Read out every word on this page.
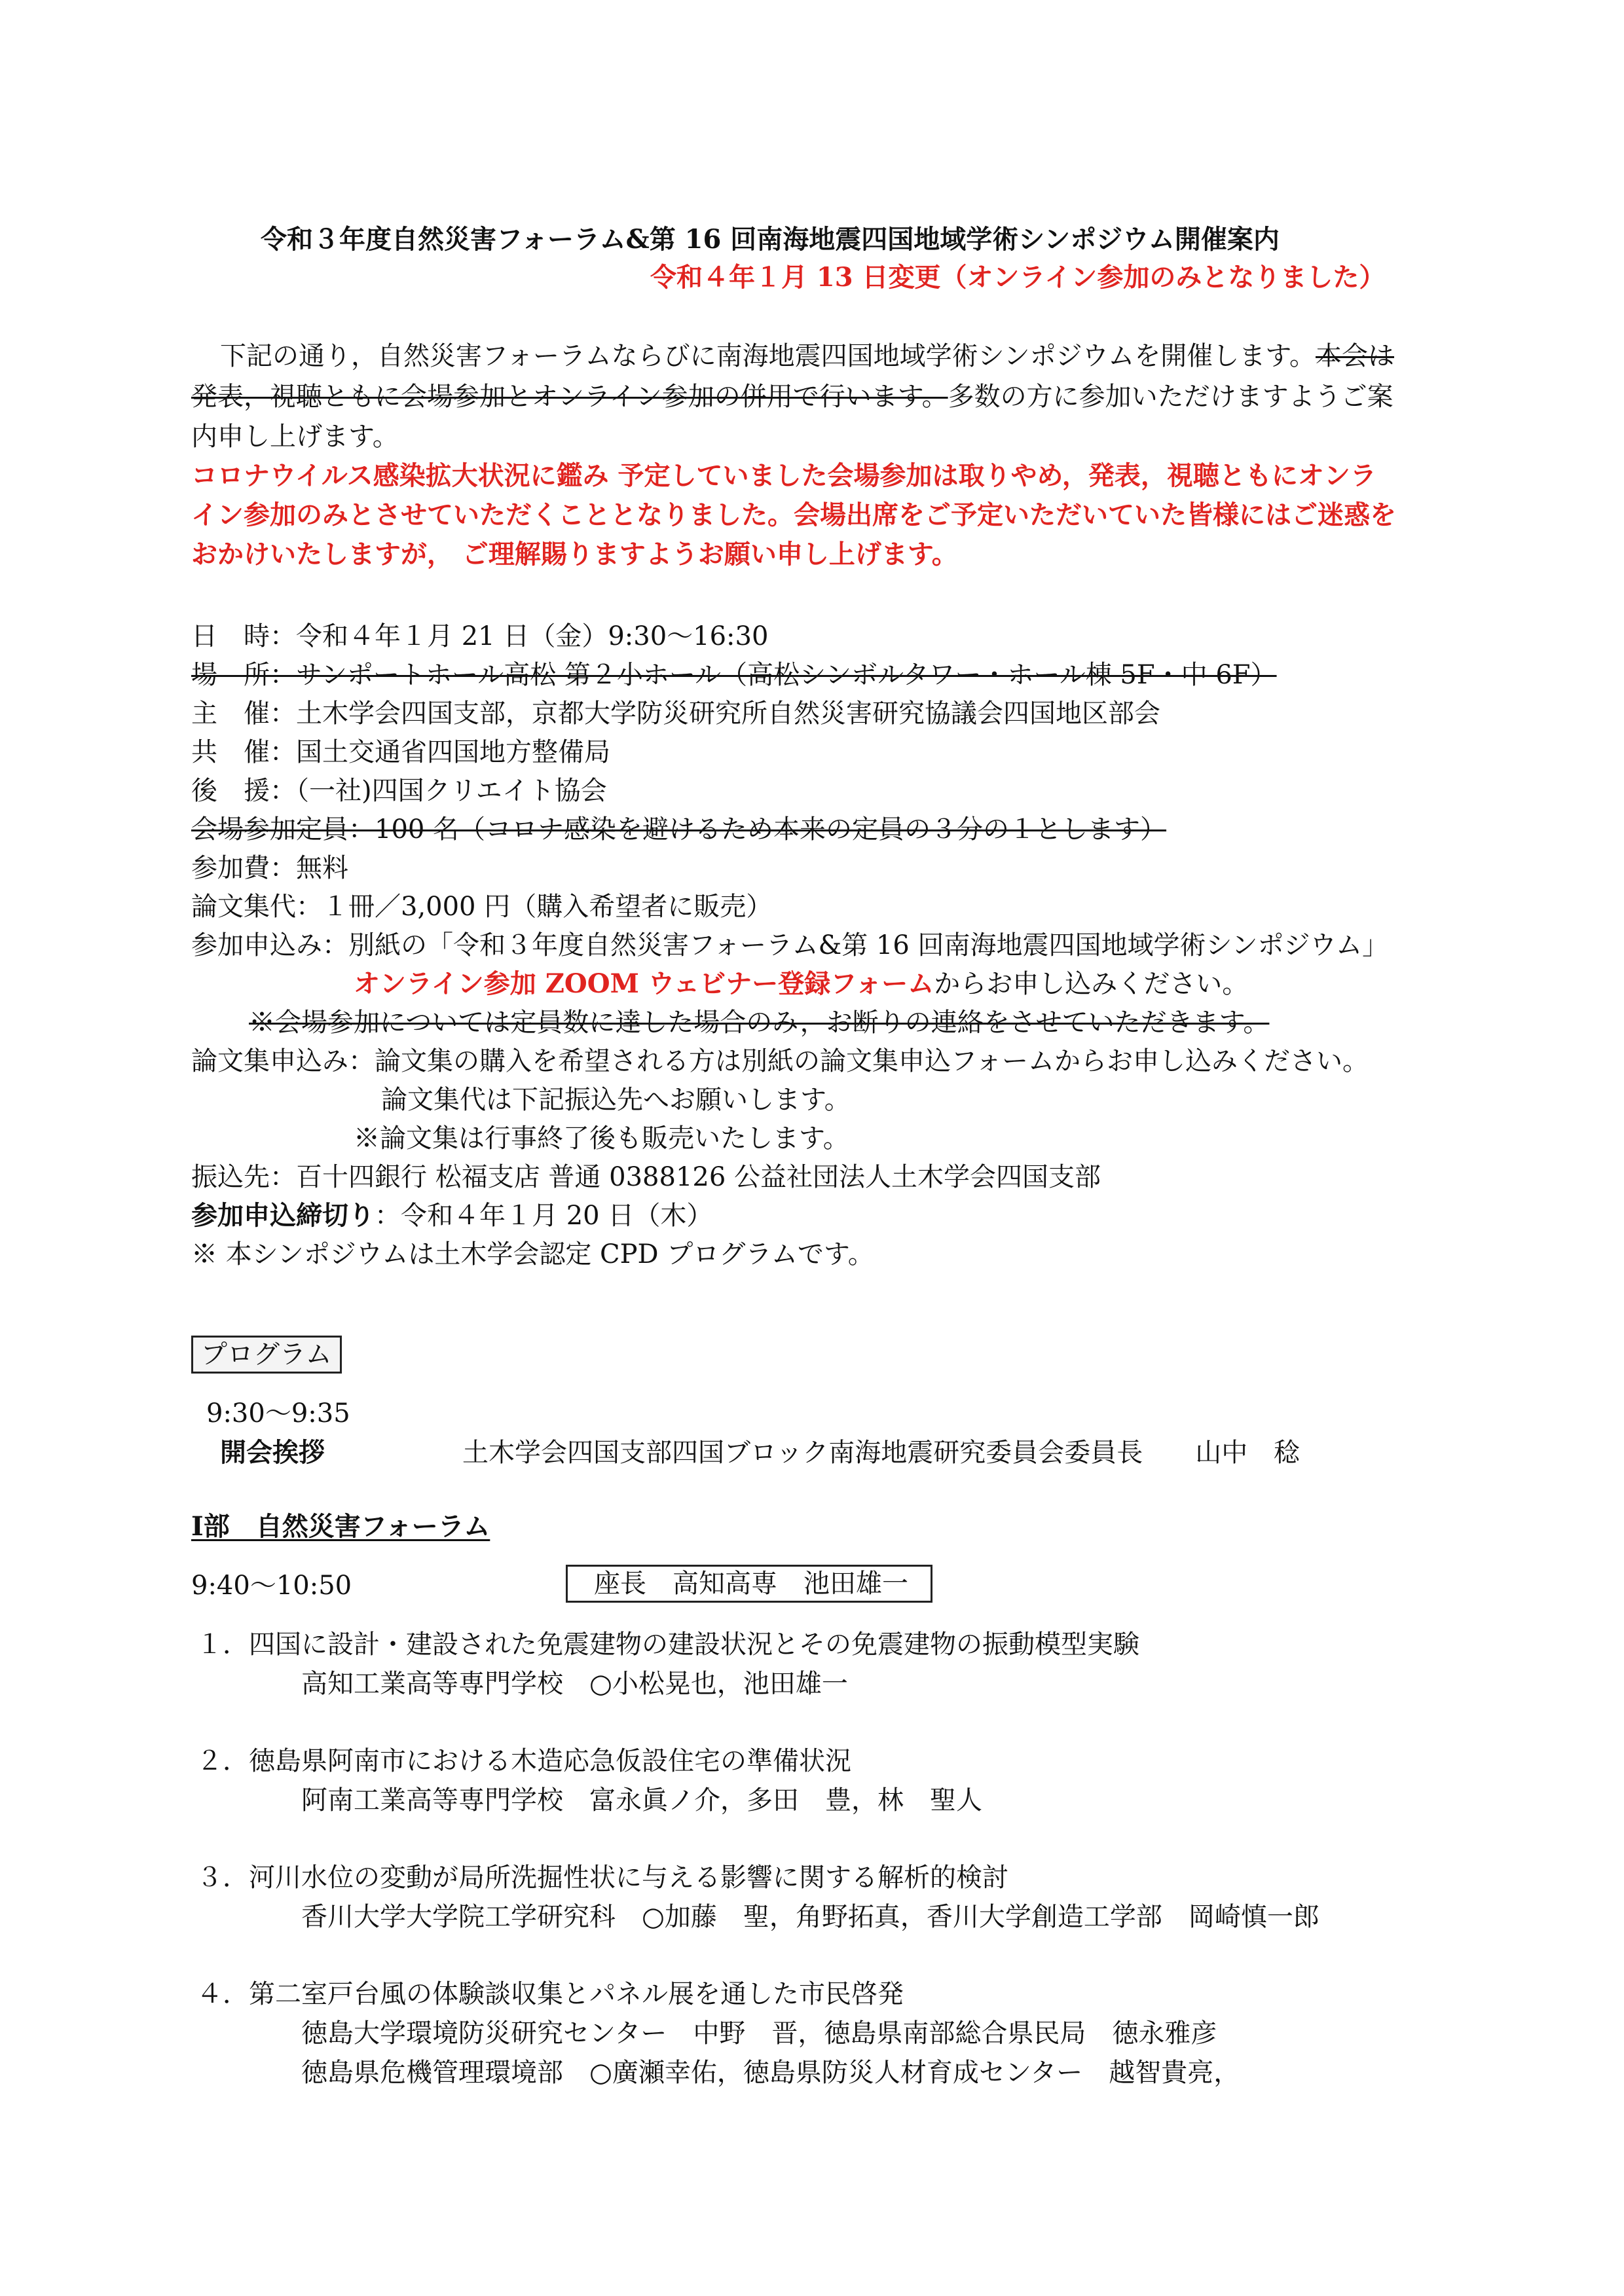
令和３年度自然災害フォーラム&第 16 回南海地震四国地域学術シンポジウム開催案内
令和４年１月 13 日変更（オンライン参加のみとなりました）
下記の通り，自然災害フォーラムならびに南海地震四国地域学術シンポジウムを開催します。本会は
発表，視聴ともに会場参加とオンライン参加の併用で行います。多数の方に参加いただけますようご案
内申し上げます。
コロナウイルス感染拡大状況に鑑み 予定していました会場参加は取りやめ，発表，視聴ともにオンラ
イン参加のみとさせていただくこととなりました。会場出席をご予定いただいていた皆様にはご迷惑を
おかけいたしますが， ご理解賜りますようお願い申し上げます。
日　時：令和４年１月 21 日（金）9:30～16:30
場　所：サンポートホール高松 第２小ホール（高松シンボルタワー・ホール棟 5F・中 6F）
主　催：土木学会四国支部，京都大学防災研究所自然災害研究協議会四国地区部会
共　催：国土交通省四国地方整備局
後　援：（一社)四国クリエイト協会
会場参加定員：100 名（コロナ感染を避けるため本来の定員の３分の１とします）
参加費：無料
論文集代：１冊／3,000 円（購入希望者に販売）
参加申込み：別紙の「令和３年度自然災害フォーラム&第 16 回南海地震四国地域学術シンポジウム」
オンライン参加 ZOOM ウェビナー登録フォームからお申し込みください。
※会場参加については定員数に達した場合のみ，お断りの連絡をさせていただきます。
論文集申込み：論文集の購入を希望される方は別紙の論文集申込フォームからお申し込みください。
論文集代は下記振込先へお願いします。
※論文集は行事終了後も販売いたします。
振込先：百十四銀行 松福支店 普通 0388126 公益社団法人土木学会四国支部
参加申込締切り：令和４年１月 20 日（木）
※ 本シンポジウムは土木学会認定 CPD プログラムです。
プログラム
9:30～9:35
開会挨拶	土木学会四国支部四国ブロック南海地震研究委員会委員長　　山中　稔
Ⅰ部　自然災害フォーラム
9:40～10:50	座長　高知高専　池田雄一
１．四国に設計・建設された免震建物の建設状況とその免震建物の振動模型実験
高知工業高等専門学校　○小松晃也，池田雄一
２．徳島県阿南市における木造応急仮設住宅の準備状況
阿南工業高等専門学校　富永眞ノ介，多田　豊，林　聖人
３．河川水位の変動が局所洗掘性状に与える影響に関する解析的検討
香川大学大学院工学研究科　○加藤　聖，角野拓真，香川大学創造工学部　岡崎慎一郎
４．第二室戸台風の体験談収集とパネル展を通した市民啓発
徳島大学環境防災研究センター　中野　晋，徳島県南部総合県民局　徳永雅彦
徳島県危機管理環境部　○廣瀬幸佑，徳島県防災人材育成センター　越智貴亮，
